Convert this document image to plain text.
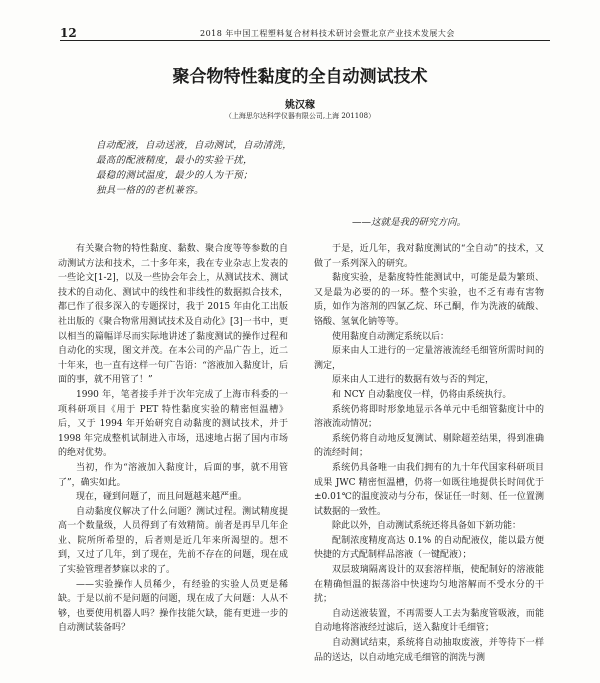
12	2018 年中国工程塑料复合材料技术研讨会暨北京产业技术发展大会
聚合物特性黏度的全自动测试技术
姚汉稼
（上海思尔达科学仪器有限公司,上海 201108）
自动配液，自动送液，自动测试，自动清洗，
最高的配液精度，最小的实验干扰，
最稳的测试温度，最少的人为干预；
独具一格的的老机兼容。
——这就是我的研究方向。

有关聚合物的特性黏度、黏数、聚合度等等参数的自动测试方法和技术，二十多年来，我在专业杂志上发表的一些论文[1-2]，以及一些协会年会上，从测试技术、测试技术的自动化、测试中的线性和非线性的数据拟合技术，都已作了很多深入的专题探讨，我于 2015 年由化工出版社出版的《聚合物常用测试技术及自动化》[3]一书中，更以相当的篇幅详尽而实际地讲述了黏度测试的操作过程和自动化的实现，图文并茂。在本公司的产品广告上，近二十年来，也一直有这样一句广告语：“溶液加入黏度计，后面的事，就不用管了！”

1990 年，笔者接手并于次年完成了上海市科委的一项科研项目《用于 PET 特性黏度实验的精密恒温槽》后，又于 1994 年开始研究自动黏度的测试技术，并于 1998 年完成整机试制进入市场，迅速地占据了国内市场的绝对优势。

当初，作为“溶液加入黏度计，后面的事，就不用管了”，确实如此。

现在，碰到问题了，而且问题越来越严重。

自动黏度仪解决了什么问题？测试过程。测试精度提高一个数量级，人员得到了有效精简。前者是再早几年企业、院所所希望的，后者则是近几年来所渴望的。想不到，又过了几年，到了现在，先前不存在的问题，现在成了实验管理者梦寐以求的了。

——实验操作人员稀少，有经验的实验人员更是稀缺。于是以前不是问题的问题，现在成了大问题：人从不够，也要使用机器人吗？操作技能欠缺，能有更进一步的自动测试装备吗？

于是，近几年，我对黏度测试的“全自动”的技术，又做了一系列深入的研究。

黏度实验，是黏度特性能测试中，可能是最为繁琐、又是最为必要的的一环。整个实验，也不乏有毒有害物质，如作为溶剂的四氯乙烷、环己酮，作为洗液的硫酸、铬酸、氢氧化钠等等。

使用黏度自动测定系统以后：

原来由人工进行的一定量溶液流经毛细管所需时间的测定，

原来由人工进行的数据有效与否的判定，

和 NCY 自动黏度仪一样，仍将由系统执行。

系统仍将即时形象地显示各单元中毛细管黏度计中的溶液流动情况；

系统仍将自动地反复测试、剔除超差结果，得到准确的流经时间；

系统仍具备唯一由我们拥有的九十年代国家科研项目成果 JWC 精密恒温槽，仍将一如既往地提供长时间优于 ±0.01℃的温度波动与分布，保证任一时刻、任一位置测试数据的一致性。

除此以外，自动测试系统还将具备如下新功能：

配制浓度精度高达 0.1% 的自动配液仪，能以最方便快捷的方式配制样品溶液（一键配液）；

双层玻璃隔离设计的双套溶样瓶，使配制好的溶液能在精确恒温的振荡浴中快速均匀地溶解而不受水分的干扰；

自动送液装置，不再需要人工去为黏度管吸液，而能自动地将溶液经过滤后，送入黏度计毛细管；

自动测试结束，系统将自动抽取废液，并等待下一样品的送达，以自动地完成毛细管的润洗与测
